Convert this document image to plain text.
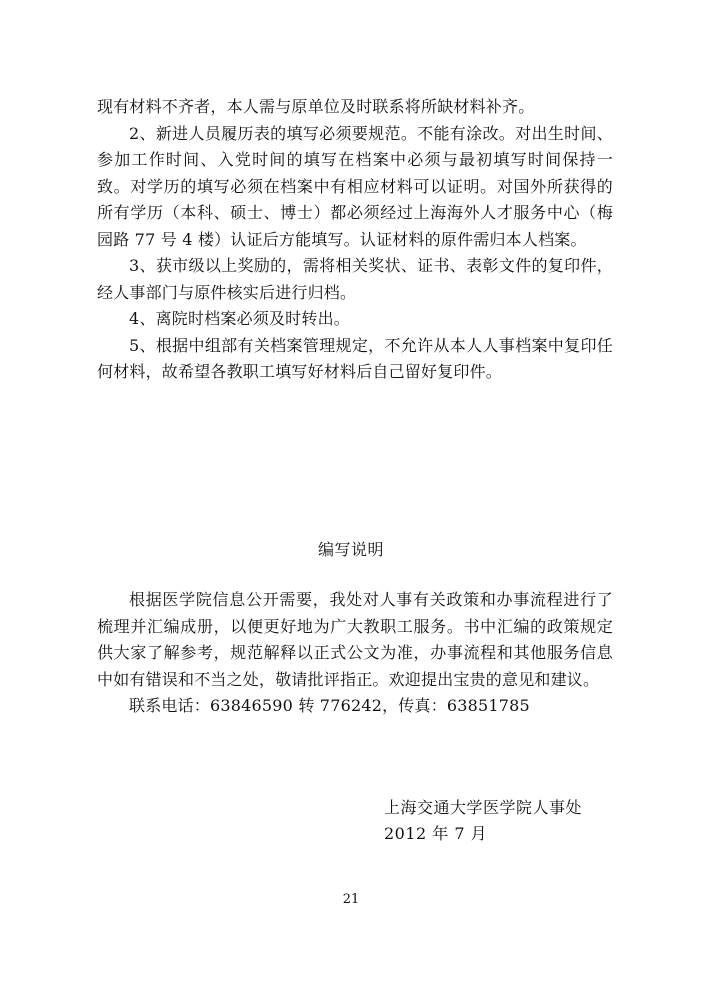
现有材料不齐者，本人需与原单位及时联系将所缺材料补齐。

2、新进人员履历表的填写必须要规范。不能有涂改。对出生时间、参加工作时间、入党时间的填写在档案中必须与最初填写时间保持一致。对学历的填写必须在档案中有相应材料可以证明。对国外所获得的所有学历（本科、硕士、博士）都必须经过上海海外人才服务中心（梅园路 77 号 4 楼）认证后方能填写。认证材料的原件需归本人档案。

3、获市级以上奖励的，需将相关奖状、证书、表彰文件的复印件，经人事部门与原件核实后进行归档。

4、离院时档案必须及时转出。

5、根据中组部有关档案管理规定，不允许从本人人事档案中复印任何材料，故希望各教职工填写好材料后自己留好复印件。

编写说明

根据医学院信息公开需要，我处对人事有关政策和办事流程进行了梳理并汇编成册，以便更好地为广大教职工服务。书中汇编的政策规定供大家了解参考，规范解释以正式公文为准，办事流程和其他服务信息中如有错误和不当之处，敬请批评指正。欢迎提出宝贵的意见和建议。

联系电话：63846590 转 776242，传真：63851785

上海交通大学医学院人事处
2012 年 7 月
21
